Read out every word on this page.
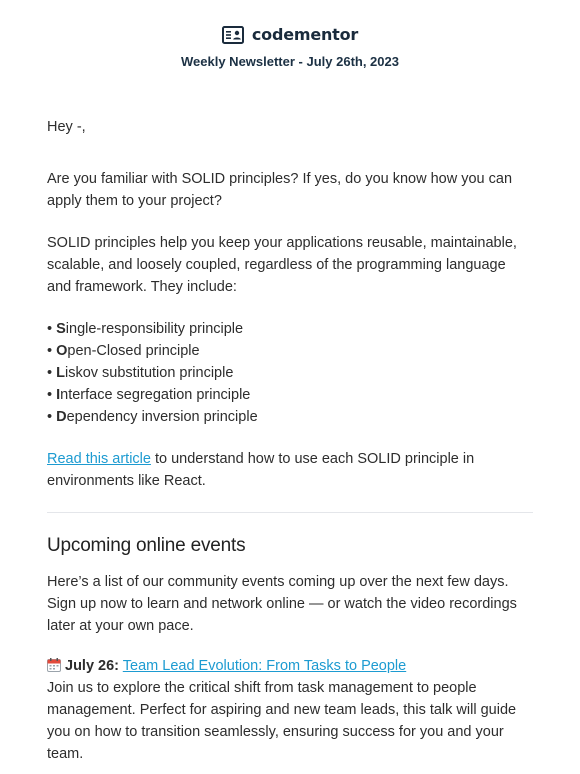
codementor
Weekly Newsletter - July 26th, 2023

Hey -,

Are you familiar with SOLID principles? If yes, do you know how you can apply them to your project?

SOLID principles help you keep your applications reusable, maintainable, scalable, and loosely coupled, regardless of the programming language and framework. They include:

• Single-responsibility principle
• Open-Closed principle
• Liskov substitution principle
• Interface segregation principle
• Dependency inversion principle

Read this article to understand how to use each SOLID principle in environments like React.

Upcoming online events

Here’s a list of our community events coming up over the next few days. Sign up now to learn and network online — or watch the video recordings later at your own pace.

July 26: Team Lead Evolution: From Tasks to People

Join us to explore the critical shift from task management to people management. Perfect for aspiring and new team leads, this talk will guide you on how to transition seamlessly, ensuring success for you and your team.
